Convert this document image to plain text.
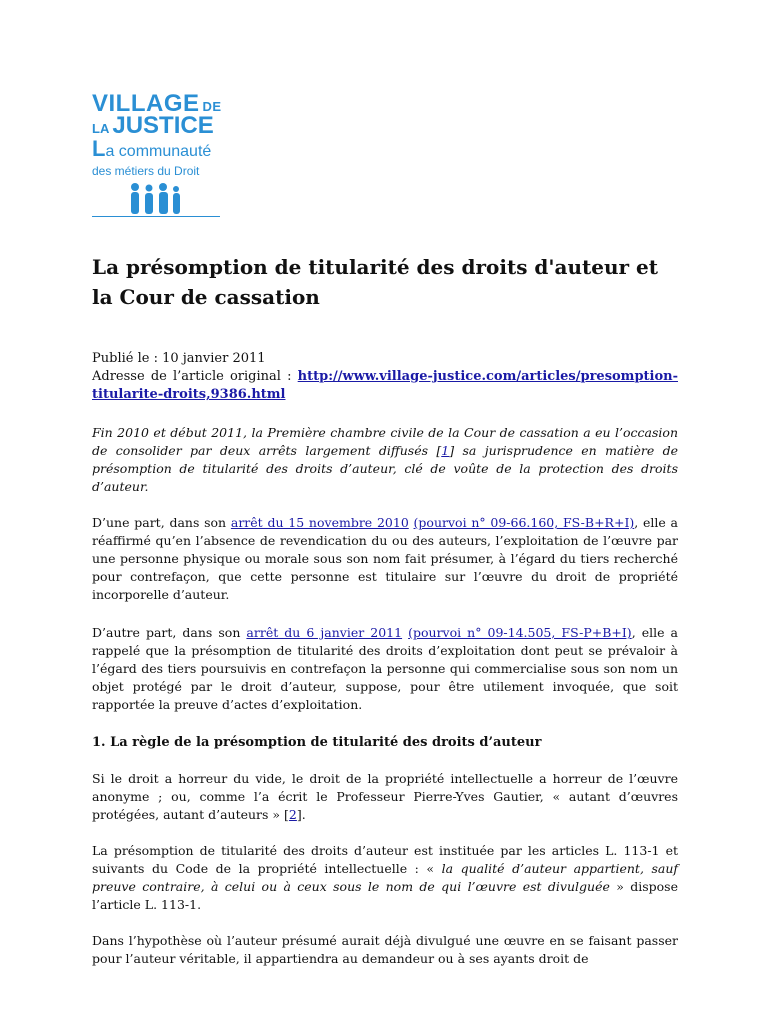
VILLAGE DE
LA JUSTICE
La communauté
des métiers du Droit
La présomption de titularité des droits d'auteur et la Cour de cassation
Publié le : 10 janvier 2011
Adresse de l’article original : http://www.village-justice.com/articles/presomption-titularite-droits,9386.html

Fin 2010 et début 2011, la Première chambre civile de la Cour de cassation a eu l’occasion de consolider par deux arrêts largement diffusés [1] sa jurisprudence en matière de présomption de titularité des droits d’auteur, clé de voûte de la protection des droits d’auteur.

D’une part, dans son arrêt du 15 novembre 2010 (pourvoi n° 09-66.160, FS-B+R+I), elle a réaffirmé qu’en l’absence de revendication du ou des auteurs, l’exploitation de l’œuvre par une personne physique ou morale sous son nom fait présumer, à l’égard du tiers recherché pour contrefaçon, que cette personne est titulaire sur l’œuvre du droit de propriété incorporelle d’auteur.

D’autre part, dans son arrêt du 6 janvier 2011 (pourvoi n° 09-14.505, FS-P+B+I), elle a rappelé que la présomption de titularité des droits d’exploitation dont peut se prévaloir à l’égard des tiers poursuivis en contrefaçon la personne qui commercialise sous son nom un objet protégé par le droit d’auteur, suppose, pour être utilement invoquée, que soit rapportée la preuve d’actes d’exploitation.

1. La règle de la présomption de titularité des droits d’auteur

Si le droit a horreur du vide, le droit de la propriété intellectuelle a horreur de l’œuvre anonyme ; ou, comme l’a écrit le Professeur Pierre-Yves Gautier, « autant d’œuvres protégées, autant d’auteurs » [2].

La présomption de titularité des droits d’auteur est instituée par les articles L. 113-1 et suivants du Code de la propriété intellectuelle : « la qualité d’auteur appartient, sauf preuve contraire, à celui ou à ceux sous le nom de qui l’œuvre est divulguée » dispose l’article L. 113-1.

Dans l’hypothèse où l’auteur présumé aurait déjà divulgué une œuvre en se faisant passer pour l’auteur véritable, il appartiendra au demandeur ou à ses ayants droit de
